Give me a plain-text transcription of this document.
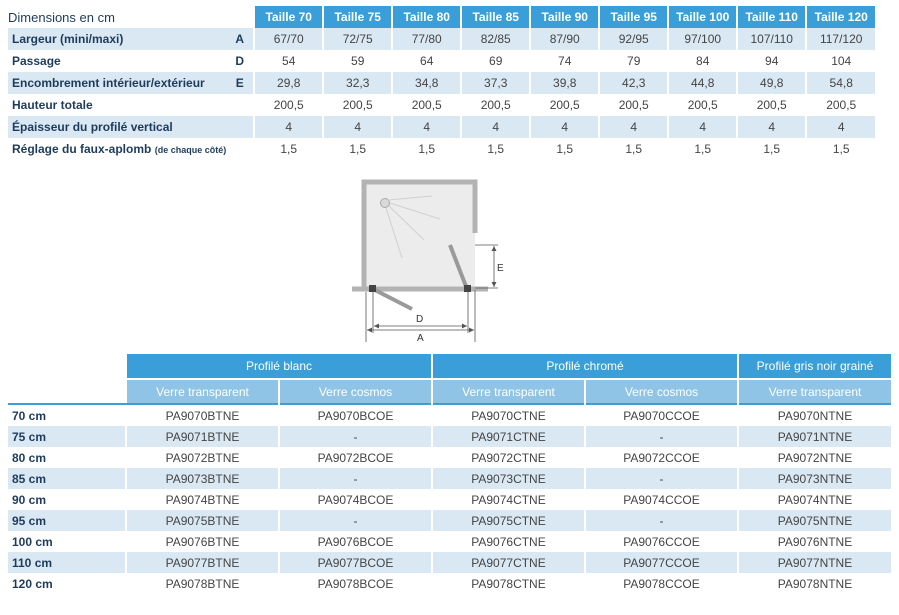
Dimensions en cm		Taille 70	Taille 75	Taille 80	Taille 85	Taille 90	Taille 95	Taille 100	Taille 110	Taille 120
Largeur (mini/maxi)	A	67/70	72/75	77/80	82/85	87/90	92/95	97/100	107/110	117/120
Passage	D	54	59	64	69	74	79	84	94	104
Encombrement intérieur/extérieur	E	29,8	32,3	34,8	37,3	39,8	42,3	44,8	49,8	54,8
Hauteur totale		200,5	200,5	200,5	200,5	200,5	200,5	200,5	200,5	200,5
Épaisseur du profilé vertical		4	4	4	4	4	4	4	4	4
Réglage du faux-aplomb (de chaque côté)		1,5	1,5	1,5	1,5	1,5	1,5	1,5	1,5	1,5
E
D
A
Tarifs H.T.	Profilé blanc		Profilé chromé		Profilé gris noir grainé
	Verre transparent	Verre cosmos	Verre transparent	Verre cosmos	Verre transparent
70 cm	PA9070BTNE	PA9070BCOE	PA9070CTNE	PA9070CCOE	PA9070NTNE
75 cm	PA9071BTNE	-	PA9071CTNE	-	PA9071NTNE
80 cm	PA9072BTNE	PA9072BCOE	PA9072CTNE	PA9072CCOE	PA9072NTNE
85 cm	PA9073BTNE	-	PA9073CTNE	-	PA9073NTNE
90 cm	PA9074BTNE	PA9074BCOE	PA9074CTNE	PA9074CCOE	PA9074NTNE
95 cm	PA9075BTNE	-	PA9075CTNE	-	PA9075NTNE
100 cm	PA9076BTNE	PA9076BCOE	PA9076CTNE	PA9076CCOE	PA9076NTNE
110 cm	PA9077BTNE	PA9077BCOE	PA9077CTNE	PA9077CCOE	PA9077NTNE
120 cm	PA9078BTNE	PA9078BCOE	PA9078CTNE	PA9078CCOE	PA9078NTNE
